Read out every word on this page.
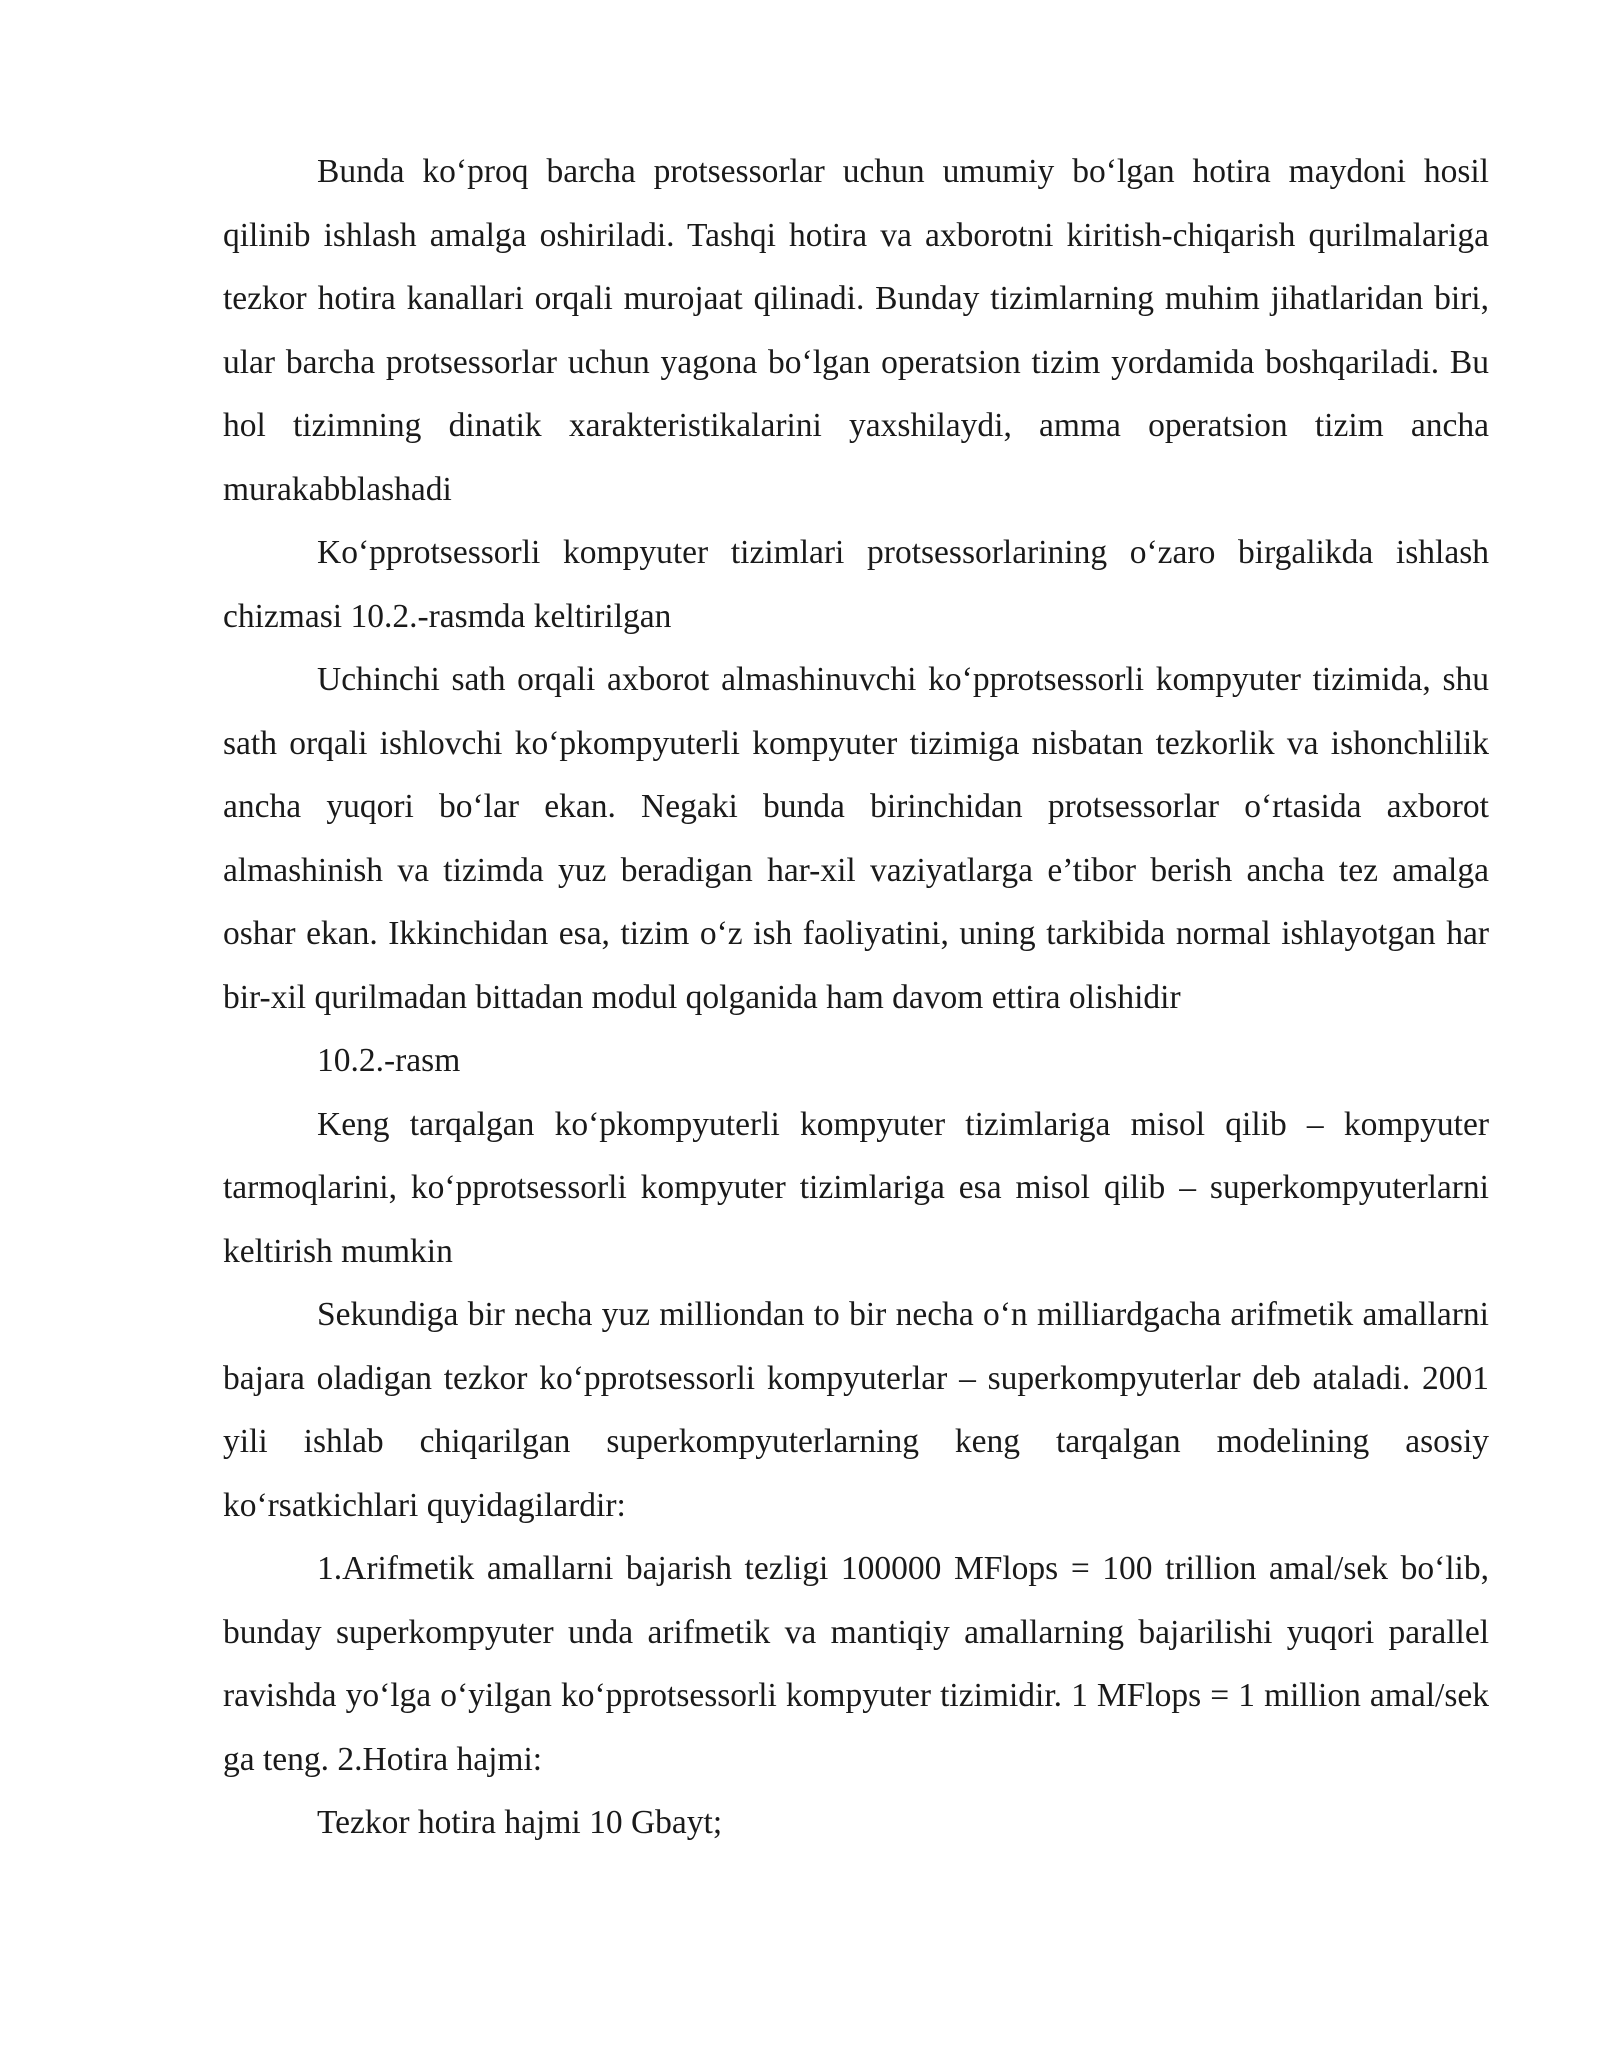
Bunda ko‘proq barcha protsessorlar uchun umumiy bo‘lgan hotira maydoni hosil qilinib ishlash amalga oshiriladi. Tashqi hotira va axborotni kiritish-chiqarish qurilmalariga tezkor hotira kanallari orqali murojaat qilinadi. Bunday tizimlarning muhim jihatlaridan biri, ular barcha protsessorlar uchun yagona bo‘lgan operatsion tizim yordamida boshqariladi. Bu hol tizimning dinatik xarakteristikalarini yaxshilaydi, amma operatsion tizim ancha murakabblashadi

Ko‘pprotsessorli kompyuter tizimlari protsessorlarining o‘zaro birgalikda ishlash chizmasi 10.2.-rasmda keltirilgan

Uchinchi sath orqali axborot almashinuvchi ko‘pprotsessorli kompyuter tizimida, shu sath orqali ishlovchi ko‘pkompyuterli kompyuter tizimiga nisbatan tezkorlik va ishonchlilik ancha yuqori bo‘lar ekan. Negaki bunda birinchidan protsessorlar o‘rtasida axborot almashinish va tizimda yuz beradigan har-xil vaziyatlarga e’tibor berish ancha tez amalga oshar ekan. Ikkinchidan esa, tizim o‘z ish faoliyatini, uning tarkibida normal ishlayotgan har bir-xil qurilmadan bittadan modul qolganida ham davom ettira olishidir

10.2.-rasm

Keng tarqalgan ko‘pkompyuterli kompyuter tizimlariga misol qilib – kompyuter tarmoqlarini, ko‘pprotsessorli kompyuter tizimlariga esa misol qilib – superkompyuterlarni keltirish mumkin

Sekundiga bir necha yuz milliondan to bir necha o‘n milliardgacha arifmetik amallarni bajara oladigan tezkor ko‘pprotsessorli kompyuterlar – superkompyuterlar deb ataladi. 2001 yili ishlab chiqarilgan superkompyuterlarning keng tarqalgan modelining asosiy ko‘rsatkichlari quyidagilardir:

1.Arifmetik amallarni bajarish tezligi 100000 MFlops = 100 trillion amal/sek bo‘lib, bunday superkompyuter unda arifmetik va mantiqiy amallarning bajarilishi yuqori parallel ravishda yo‘lga o‘yilgan ko‘pprotsessorli kompyuter tizimidir. 1 MFlops = 1 million amal/sek ga teng. 2.Hotira hajmi:

Tezkor hotira hajmi 10 Gbayt;
